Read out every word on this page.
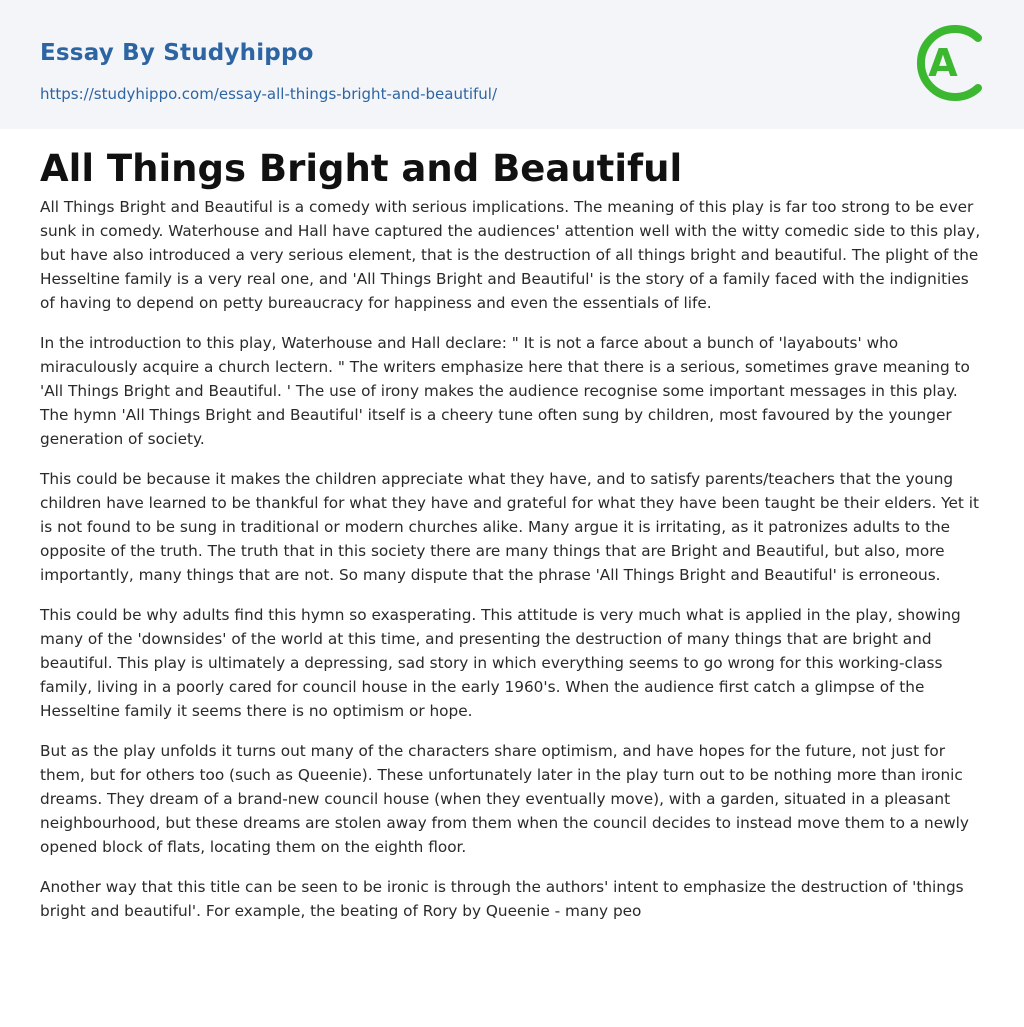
Essay By Studyhippo
https://studyhippo.com/essay-all-things-bright-and-beautiful/
A
All Things Bright and Beautiful

All Things Bright and Beautiful is a comedy with serious implications. The meaning of this play is far too strong to be ever sunk in comedy. Waterhouse and Hall have captured the audiences' attention well with the witty comedic side to this play, but have also introduced a very serious element, that is the destruction of all things bright and beautiful. The plight of the Hesseltine family is a very real one, and 'All Things Bright and Beautiful' is the story of a family faced with the indignities of having to depend on petty bureaucracy for happiness and even the essentials of life.

In the introduction to this play, Waterhouse and Hall declare: " It is not a farce about a bunch of 'layabouts' who miraculously acquire a church lectern. " The writers emphasize here that there is a serious, sometimes grave meaning to 'All Things Bright and Beautiful. ' The use of irony makes the audience recognise some important messages in this play. The hymn 'All Things Bright and Beautiful' itself is a cheery tune often sung by children, most favoured by the younger generation of society.

This could be because it makes the children appreciate what they have, and to satisfy parents/teachers that the young children have learned to be thankful for what they have and grateful for what they have been taught be their elders. Yet it is not found to be sung in traditional or modern churches alike. Many argue it is irritating, as it patronizes adults to the opposite of the truth. The truth that in this society there are many things that are Bright and Beautiful, but also, more importantly, many things that are not. So many dispute that the phrase 'All Things Bright and Beautiful' is erroneous.

This could be why adults find this hymn so exasperating. This attitude is very much what is applied in the play, showing many of the 'downsides' of the world at this time, and presenting the destruction of many things that are bright and beautiful. This play is ultimately a depressing, sad story in which everything seems to go wrong for this working-class family, living in a poorly cared for council house in the early 1960's. When the audience first catch a glimpse of the Hesseltine family it seems there is no optimism or hope.

But as the play unfolds it turns out many of the characters share optimism, and have hopes for the future, not just for them, but for others too (such as Queenie). These unfortunately later in the play turn out to be nothing more than ironic dreams. They dream of a brand-new council house (when they eventually move), with a garden, situated in a pleasant neighbourhood, but these dreams are stolen away from them when the council decides to instead move them to a newly opened block of flats, locating them on the eighth floor.

Another way that this title can be seen to be ironic is through the authors' intent to emphasize the destruction of 'things bright and beautiful'. For example, the beating of Rory by Queenie - many peo
